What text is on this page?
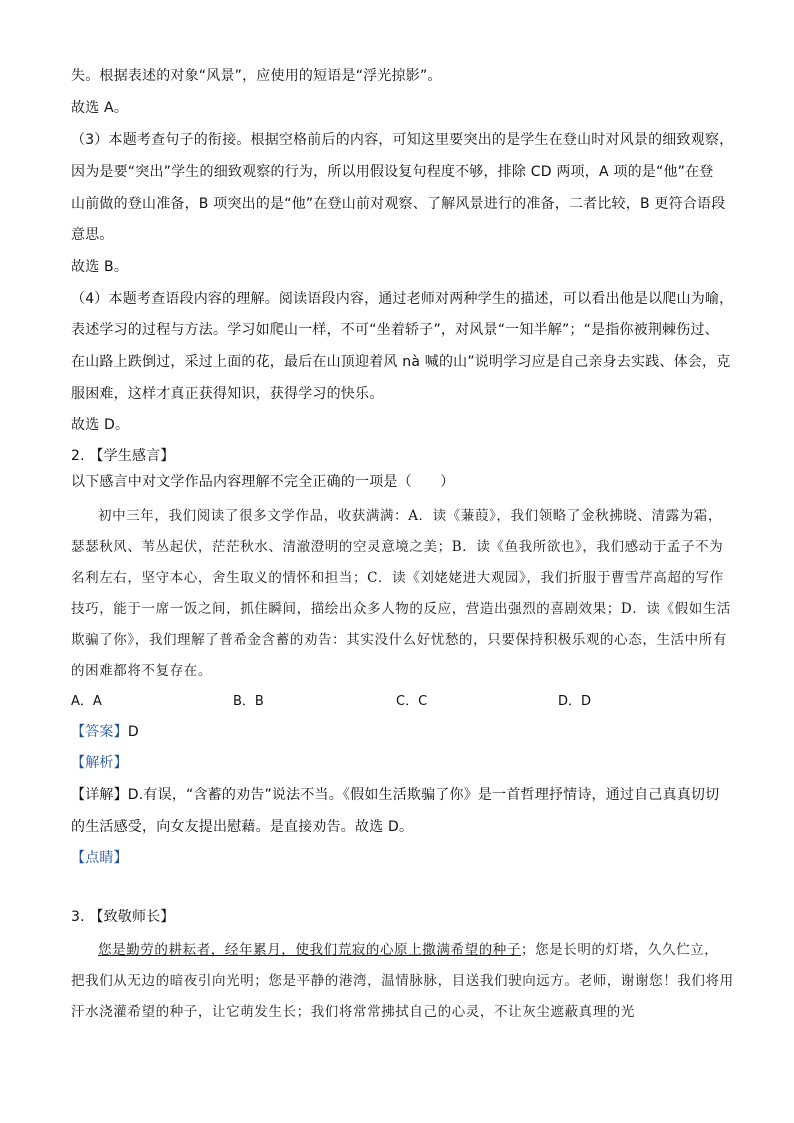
失。根据表述的对象“风景”，应使用的短语是“浮光掠影”。
故选 A。
（3）本题考查句子的衔接。根据空格前后的内容，可知这里要突出的是学生在登山时对风景的细致观察，
因为是要“突出”学生的细致观察的行为，所以用假设复句程度不够，排除 CD 两项，A 项的是“他”在登
山前做的登山准备，B 项突出的是“他”在登山前对观察、了解风景进行的准备，二者比较，B 更符合语段
意思。
故选 B。
（4）本题考查语段内容的理解。阅读语段内容，通过老师对两种学生的描述，可以看出他是以爬山为喻，
表述学习的过程与方法。学习如爬山一样，不可“坐着轿子”，对风景“一知半解”；“是指你被荆棘伤过、
在山路上跌倒过，采过上面的花，最后在山顶迎着风 nà 喊的山”说明学习应是自己亲身去实践、体会，克
服困难，这样才真正获得知识，获得学习的快乐。
故选 D。
2. 【学生感言】
以下感言中对文学作品内容理解不完全正确的一项是（　　）
初中三年，我们阅读了很多文学作品，收获满满：A．读《蒹葭》，我们领略了金秋拂晓、清露为霜，
瑟瑟秋风、苇丛起伏，茫茫秋水、清澈澄明的空灵意境之美；B．读《鱼我所欲也》，我们感动于孟子不为
名利左右，坚守本心，舍生取义的情怀和担当；C．读《刘姥姥进大观园》，我们折服于曹雪芹高超的写作
技巧，能于一席一饭之间，抓住瞬间，描绘出众多人物的反应，营造出强烈的喜剧效果；D．读《假如生活
欺骗了你》，我们理解了普希金含蓄的劝告：其实没什么好忧愁的，只要保持积极乐观的心态，生活中所有
的困难都将不复存在。
A．A	B．B	C．C	D．D
【答案】D
【解析】
【详解】D.有误，“含蓄的劝告”说法不当。《假如生活欺骗了你》是一首哲理抒情诗，通过自己真真切切
的生活感受，向女友提出慰藉。是直接劝告。故选 D。
【点睛】
3. 【致敬师长】
您是勤劳的耕耘者，经年累月，使我们荒寂的心原上撒满希望的种子；您是长明的灯塔，久久伫立，
把我们从无边的暗夜引向光明；您是平静的港湾，温情脉脉，目送我们驶向远方。老师，谢谢您！我们将用
汗水浇灌希望的种子，让它萌发生长；我们将常常拂拭自己的心灵，不让灰尘遮蔽真理的光
